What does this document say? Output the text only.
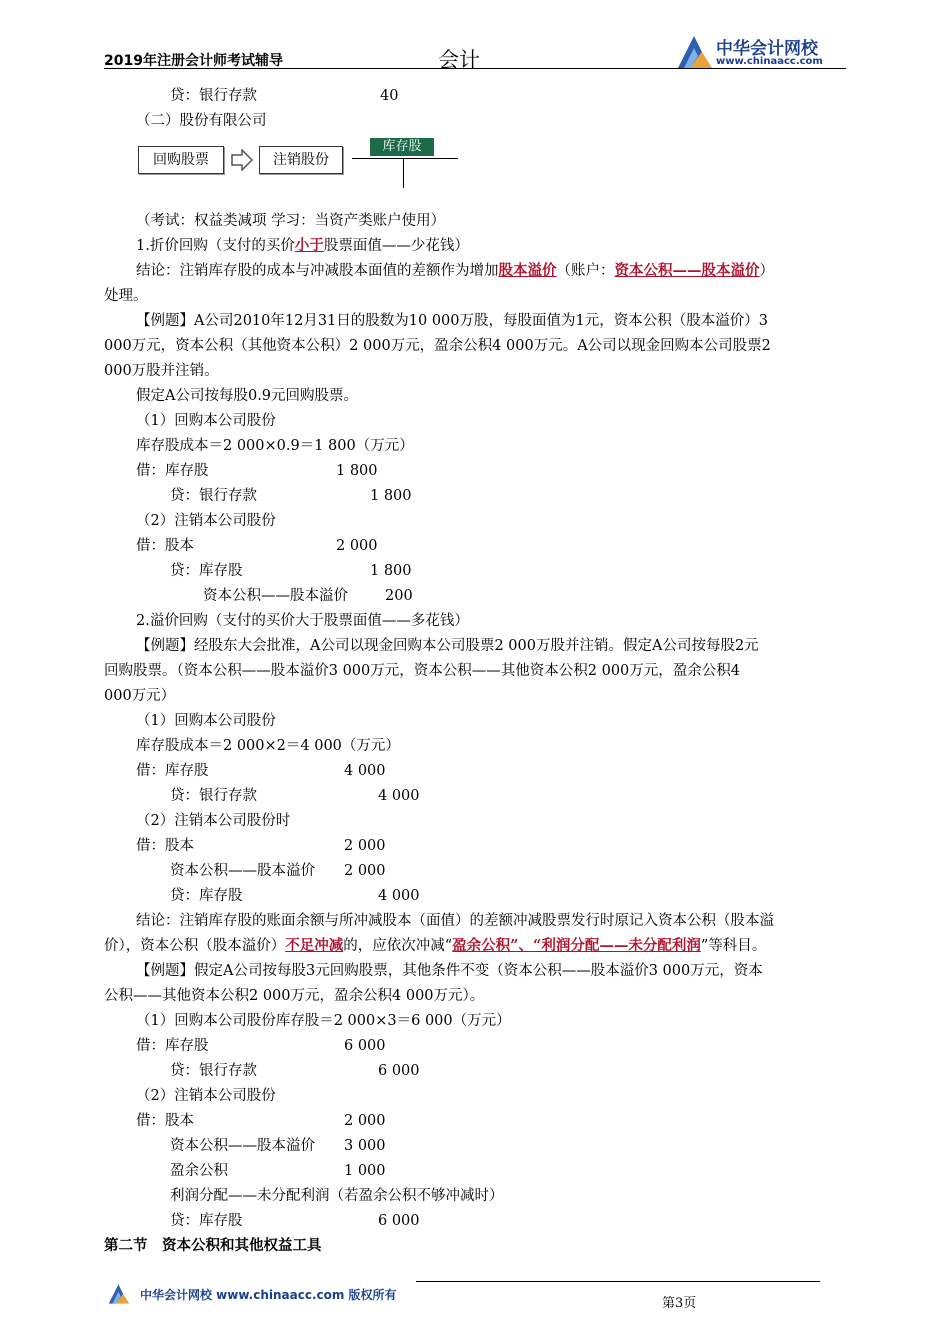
2019年注册会计师考试辅导	会计	中华会计网校
www.chinaacc.com
贷：银行存款	40
（二）股份有限公司
回购股票	注销股份
库存股
（考试：权益类减项 学习：当资产类账户使用）
1.折价回购（支付的买价小于股票面值——少花钱）
结论：注销库存股的成本与冲减股本面值的差额作为增加股本溢价（账户：资本公积——股本溢价）
处理。
【例题】A公司2010年12月31日的股数为10 000万股，每股面值为1元，资本公积（股本溢价）3
000万元，资本公积（其他资本公积）2 000万元，盈余公积4 000万元。A公司以现金回购本公司股票2
000万股并注销。
假定A公司按每股0.9元回购股票。
（1）回购本公司股份
库存股成本＝2 000×0.9＝1 800（万元）
借：库存股	1 800
贷：银行存款	1 800
（2）注销本公司股份
借：股本	2 000
贷：库存股	1 800
资本公积——股本溢价	200
2.溢价回购（支付的买价大于股票面值——多花钱）
【例题】经股东大会批准，A公司以现金回购本公司股票2 000万股并注销。假定A公司按每股2元
回购股票。（资本公积——股本溢价3 000万元，资本公积——其他资本公积2 000万元，盈余公积4
000万元）
（1）回购本公司股份
库存股成本＝2 000×2＝4 000（万元）
借：库存股	4 000
贷：银行存款	4 000
（2）注销本公司股份时
借：股本	2 000
资本公积——股本溢价 2 000
贷：库存股	4 000
结论：注销库存股的账面余额与所冲减股本（面值）的差额冲减股票发行时原记入资本公积（股本溢
价），资本公积（股本溢价）不足冲减的，应依次冲减“盈余公积”、“利润分配——未分配利润”等科目。
【例题】假定A公司按每股3元回购股票，其他条件不变（资本公积——股本溢价3 000万元，资本
公积——其他资本公积2 000万元，盈余公积4 000万元）。
（1）回购本公司股份库存股＝2 000×3＝6 000（万元）
借：库存股	6 000
贷：银行存款	6 000
（2）注销本公司股份
借：股本	2 000
资本公积——股本溢价 3 000
盈余公积	1 000
利润分配——未分配利润（若盈余公积不够冲减时）
贷：库存股	6 000
第二节　资本公积和其他权益工具
中华会计网校 www.chinaacc.com 版权所有
第3页
